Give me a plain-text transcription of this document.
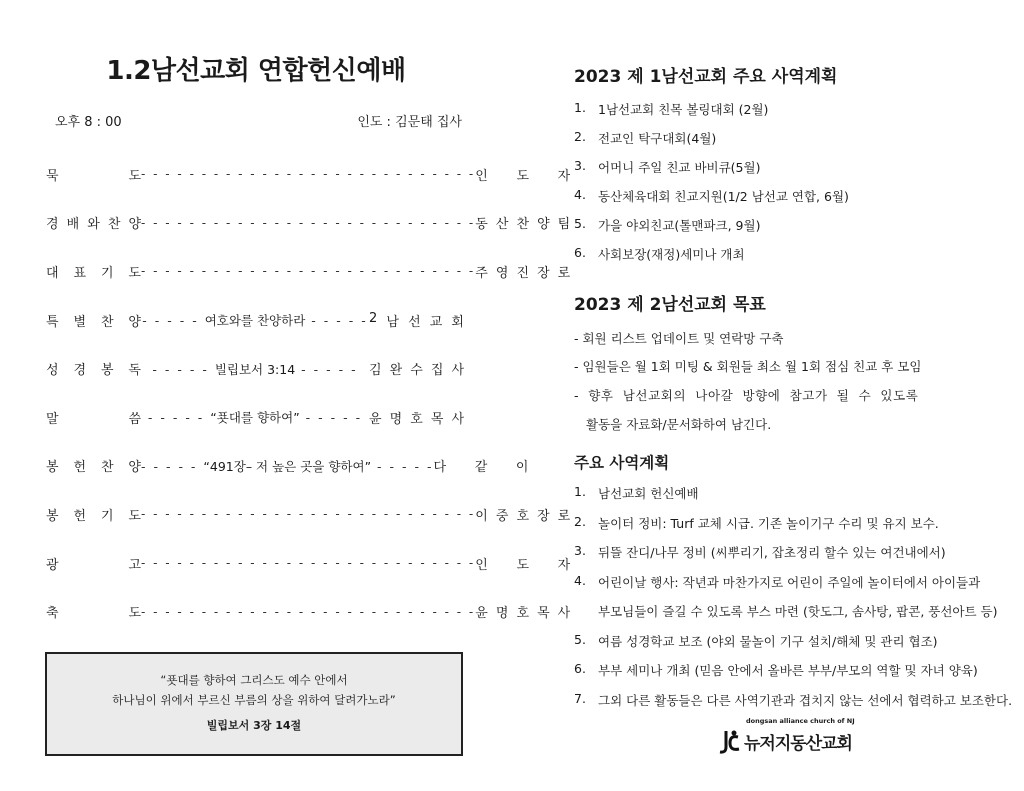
1.2남선교회 연합헌신예배
오후 8 : 00	인도 : 김문태 집사
묵	도 - - - - - - - - - - - - - - - - - - - - - - - - - - - - 인 도 자
경 배 와 찬 양 - - - - - - - - - - - - - - - - - - - - - - - - - - - - 동 산 찬 양 팀
대 표 기 도 - - - - - - - - - - - - - - - - - - - - - - - - - - - - 주 영 진 장 로
특 별 찬 양 - - - - - 여호와를 찬양하라 - - - - - 2 남 선 교 회
성 경 봉 독 - - - - - 빌립보서 3:14 - - - - - 김 완 수 집 사
말	씀 - - - - - “푯대를 향하여” - - - - - 윤 명 호 목 사
봉 헌 찬 양 - - - - - “491장– 저 높은 곳을 향하여” - - - - - 다 같 이
봉 헌 기 도 - - - - - - - - - - - - - - - - - - - - - - - - - - - - 이 중 호 장 로
광	고 - - - - - - - - - - - - - - - - - - - - - - - - - - - - 인 도 자
축	도 - - - - - - - - - - - - - - - - - - - - - - - - - - - - 윤 명 호 목 사
“푯대를 향하여 그리스도 예수 안에서
하나님이 위에서 부르신 부름의 상을 위하여 달려가노라”
빌립보서 3장 14절
2023 제 1남선교회 주요 사역계획
1. 1남선교회 친목 볼링대회 (2월)
2. 전교인 탁구대회(4월)
3. 어머니 주일 친교 바비큐(5월)
4. 동산체육대회 친교지원(1/2 남선교 연합, 6월)
5. 가을 야외친교(톨맨파크, 9월)
6. 사회보장(재정)세미나 개최
2023 제 2남선교회 목표
- 회원 리스트 업데이트 및 연락망 구축
- 임원들은 월 1회 미팅 & 회원들 최소 월 1회 점심 친교 후 모임
-  향후  남선교회의  나아갈  방향에  참고가  될  수  있도록
활동을 자료화/문서화하여 남긴다.
주요 사역계획
1. 남선교회 헌신예배
2. 놀이터 정비: Turf 교체 시급. 기존 놀이기구 수리 및 유지 보수.
3. 뒤뜰 잔디/나무 정비 (씨뿌리기, 잡초정리 할수 있는 여건내에서)
4. 어린이날 행사: 작년과 마찬가지로 어린이 주일에 놀이터에서 아이들과
부모님들이 즐길 수 있도록 부스 마련 (핫도그, 솜사탕, 팝콘, 풍선아트 등)
5. 여름 성경학교 보조 (야외 물놀이 기구 설치/해체 및 관리 협조)
6. 부부 세미나 개최 (믿음 안에서 올바른 부부/부모의 역할 및 자녀 양육)
7. 그외 다른 활동들은 다른 사역기관과 겹치지 않는 선에서 협력하고 보조한다.
dongsan alliance church of NJ
뉴저지동산교회
